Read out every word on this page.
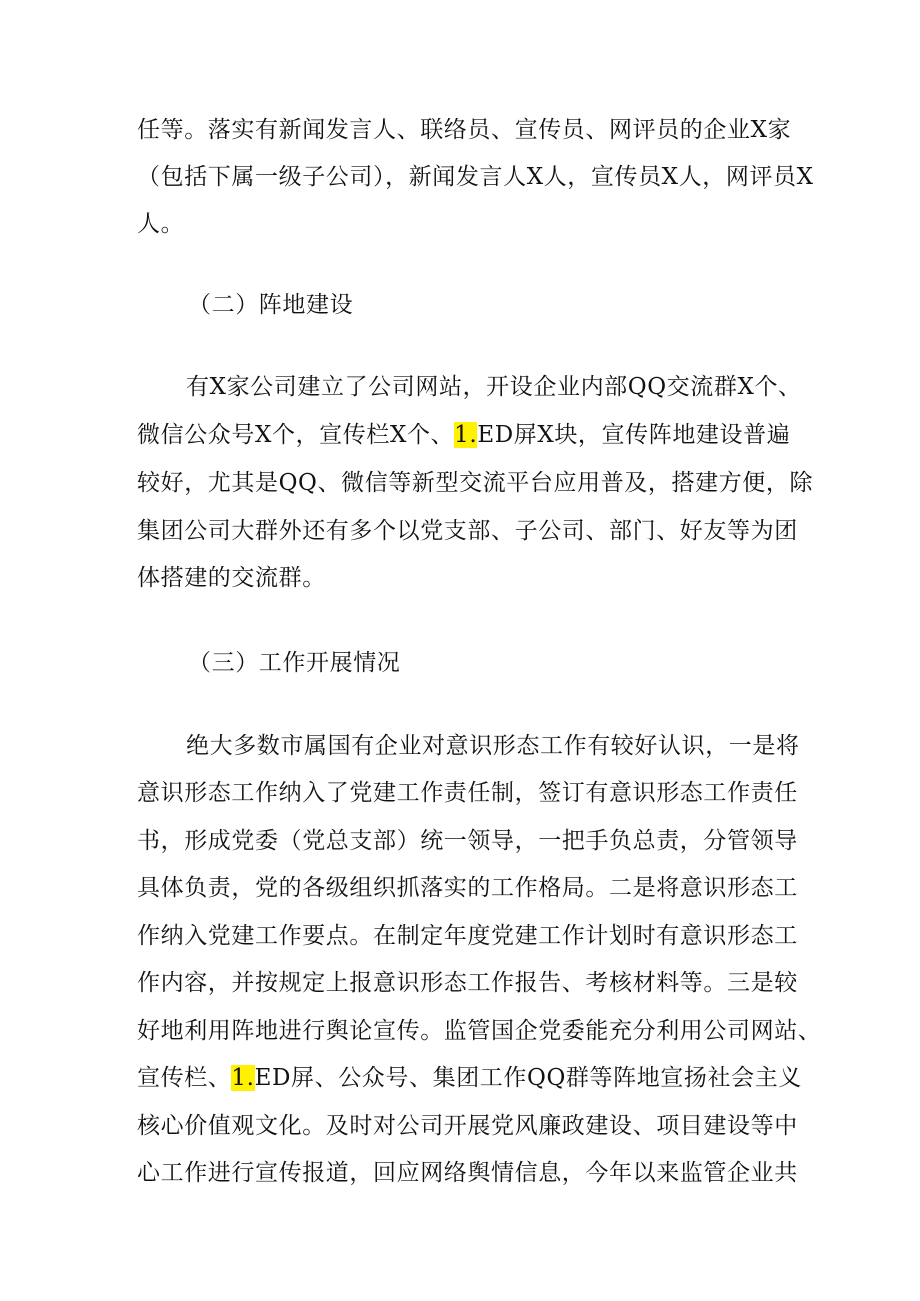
任等。落实有新闻发言人、联络员、宣传员、网评员的企业X家
（包括下属一级子公司），新闻发言人X人，宣传员X人，网评员X
人。
（二）阵地建设
有X家公司建立了公司网站，开设企业内部QQ交流群X个、
微信公众号X个，宣传栏X个、1.ED屏X块，宣传阵地建设普遍
较好，尤其是QQ、微信等新型交流平台应用普及，搭建方便，除
集团公司大群外还有多个以党支部、子公司、部门、好友等为团
体搭建的交流群。
（三）工作开展情况
绝大多数市属国有企业对意识形态工作有较好认识，一是将
意识形态工作纳入了党建工作责任制，签订有意识形态工作责任
书，形成党委（党总支部）统一领导，一把手负总责，分管领导
具体负责，党的各级组织抓落实的工作格局。二是将意识形态工
作纳入党建工作要点。在制定年度党建工作计划时有意识形态工
作内容，并按规定上报意识形态工作报告、考核材料等。三是较
好地利用阵地进行舆论宣传。监管国企党委能充分利用公司网站、
宣传栏、1.ED屏、公众号、集团工作QQ群等阵地宣扬社会主义
核心价值观文化。及时对公司开展党风廉政建设、项目建设等中
心工作进行宣传报道，回应网络舆情信息，今年以来监管企业共
